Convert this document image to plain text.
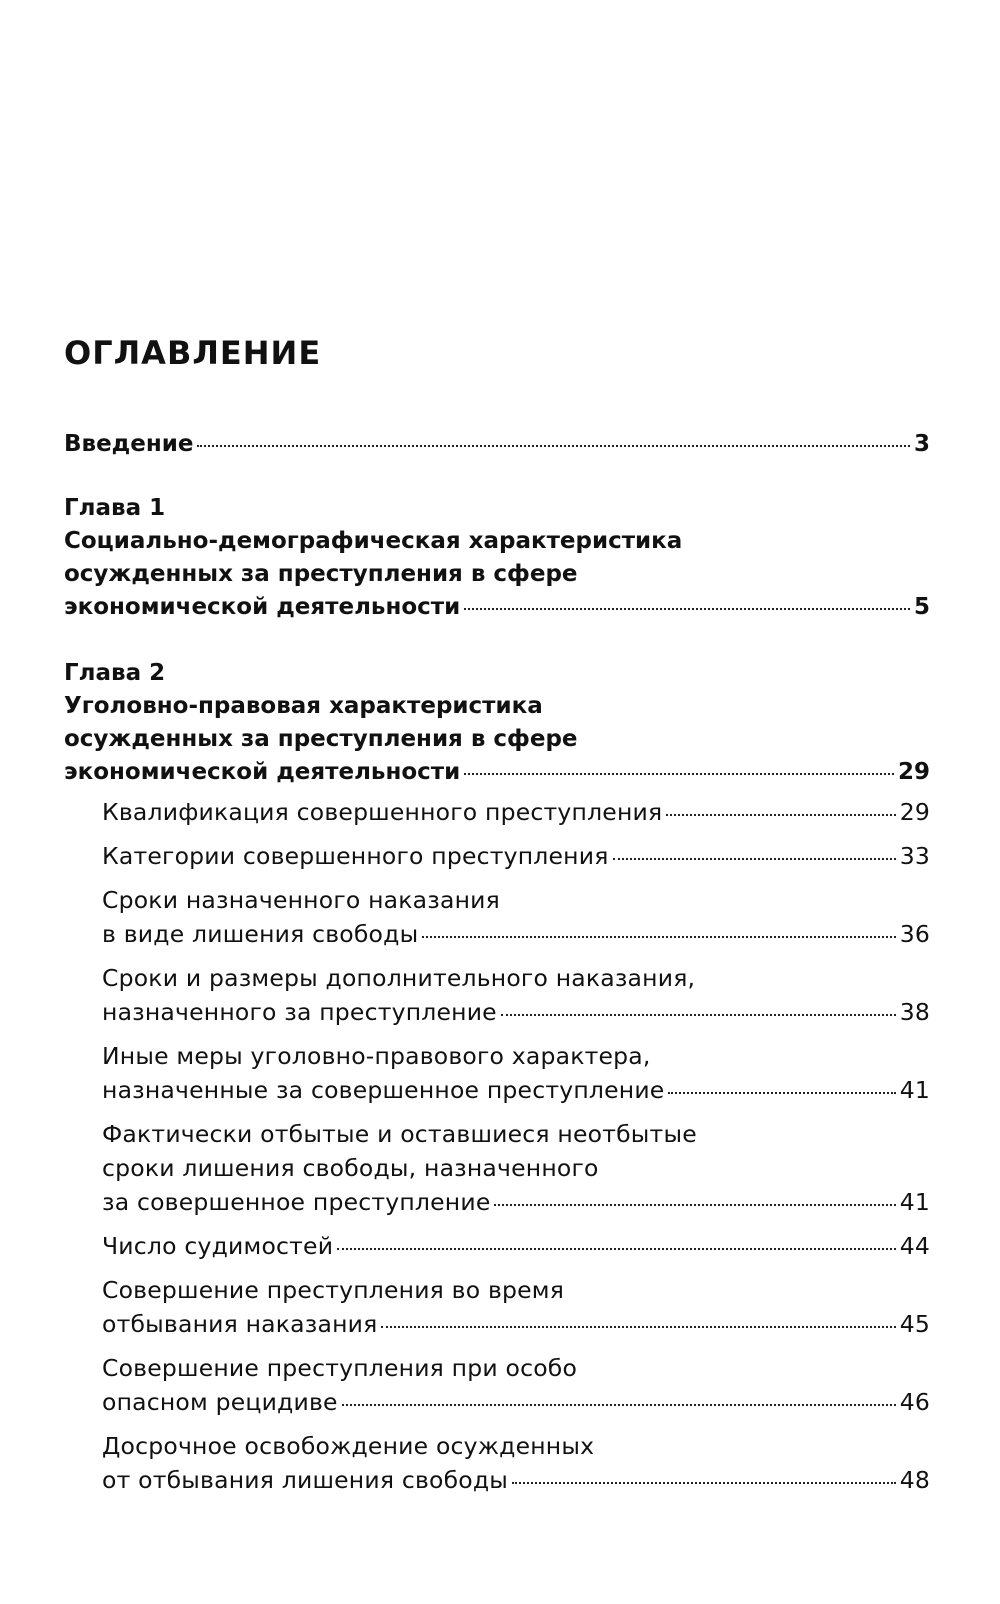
ОГЛАВЛЕНИЕ
Введение	3
Глава 1
Социально-демографическая характеристика
осужденных за преступления в сфере
экономической деятельности	5
Глава 2
Уголовно-правовая характеристика
осужденных за преступления в сфере
экономической деятельности	29
Квалификация совершенного преступления	29
Категории совершенного преступления	33
Сроки назначенного наказания
в виде лишения свободы	36
Сроки и размеры дополнительного наказания,
назначенного за преступление	38
Иные меры уголовно-правового характера,
назначенные за совершенное преступление	41
Фактически отбытые и оставшиеся неотбытые
сроки лишения свободы, назначенного
за совершенное преступление	41
Число судимостей	44
Совершение преступления во время
отбывания наказания	45
Совершение преступления при особо
опасном рецидиве	46
Досрочное освобождение осужденных
от отбывания лишения свободы	48
